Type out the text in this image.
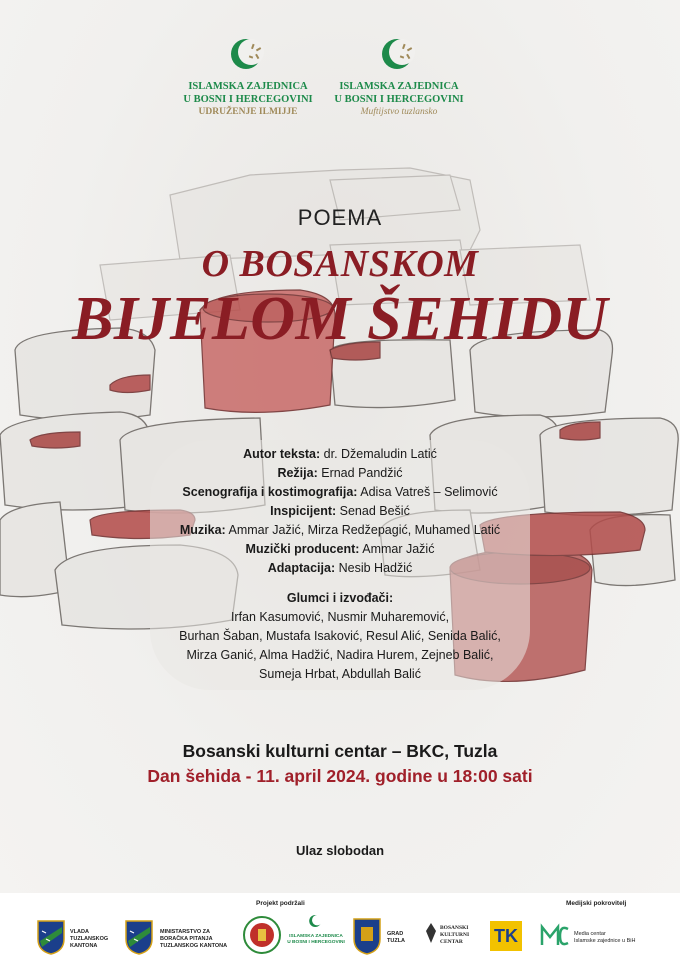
ISLAMSKA ZAJEDNICA
U BOSNI I HERCEGOVINI
UDRUŽENJE ILMIJJE
ISLAMSKA ZAJEDNICA
U BOSNI I HERCEGOVINI
Muftijstvo tuzlansko
POEMA
O BOSANSKOM
BIJELOM ŠEHIDU
Autor teksta: dr. Džemaludin Latić
Režija: Ernad Pandžić
Scenografija i kostimografija: Adisa Vatreš – Selimović
Inspicijent: Senad Bešić
Muzika: Ammar Jažić, Mirza Redžepagić, Muhamed Latić
Muzički producent: Ammar Jažić
Adaptacija: Nesib Hadžić
Glumci i izvođači:
Irfan Kasumović, Nusmir Muharemović,
Burhan Šaban, Mustafa Isaković, Resul Alić, Senida Balić,
Mirza Ganić, Alma Hadžić, Nadira Hurem, Zejneb Balić,
Sumeja Hrbat, Abdullah Balić
Bosanski kulturni centar – BKC, Tuzla
Dan šehida - 11. april 2024. godine u 18:00 sati
Ulaz slobodan
Projekt podržali	Medijski pokrovitelj
VLADA
TUZLANSKOG
KANTONA
MINISTARSTVO ZA
BORAČKA PITANJA
TUZLANSKOG KANTONA
ISLAMSKA ZAJEDNICA
U BOSNI I HERCEGOVINI
GRAD
TUZLA
BOSANSKI
KULTURNI
CENTAR	TK	Media centar
Islamske zajednice u BiH
